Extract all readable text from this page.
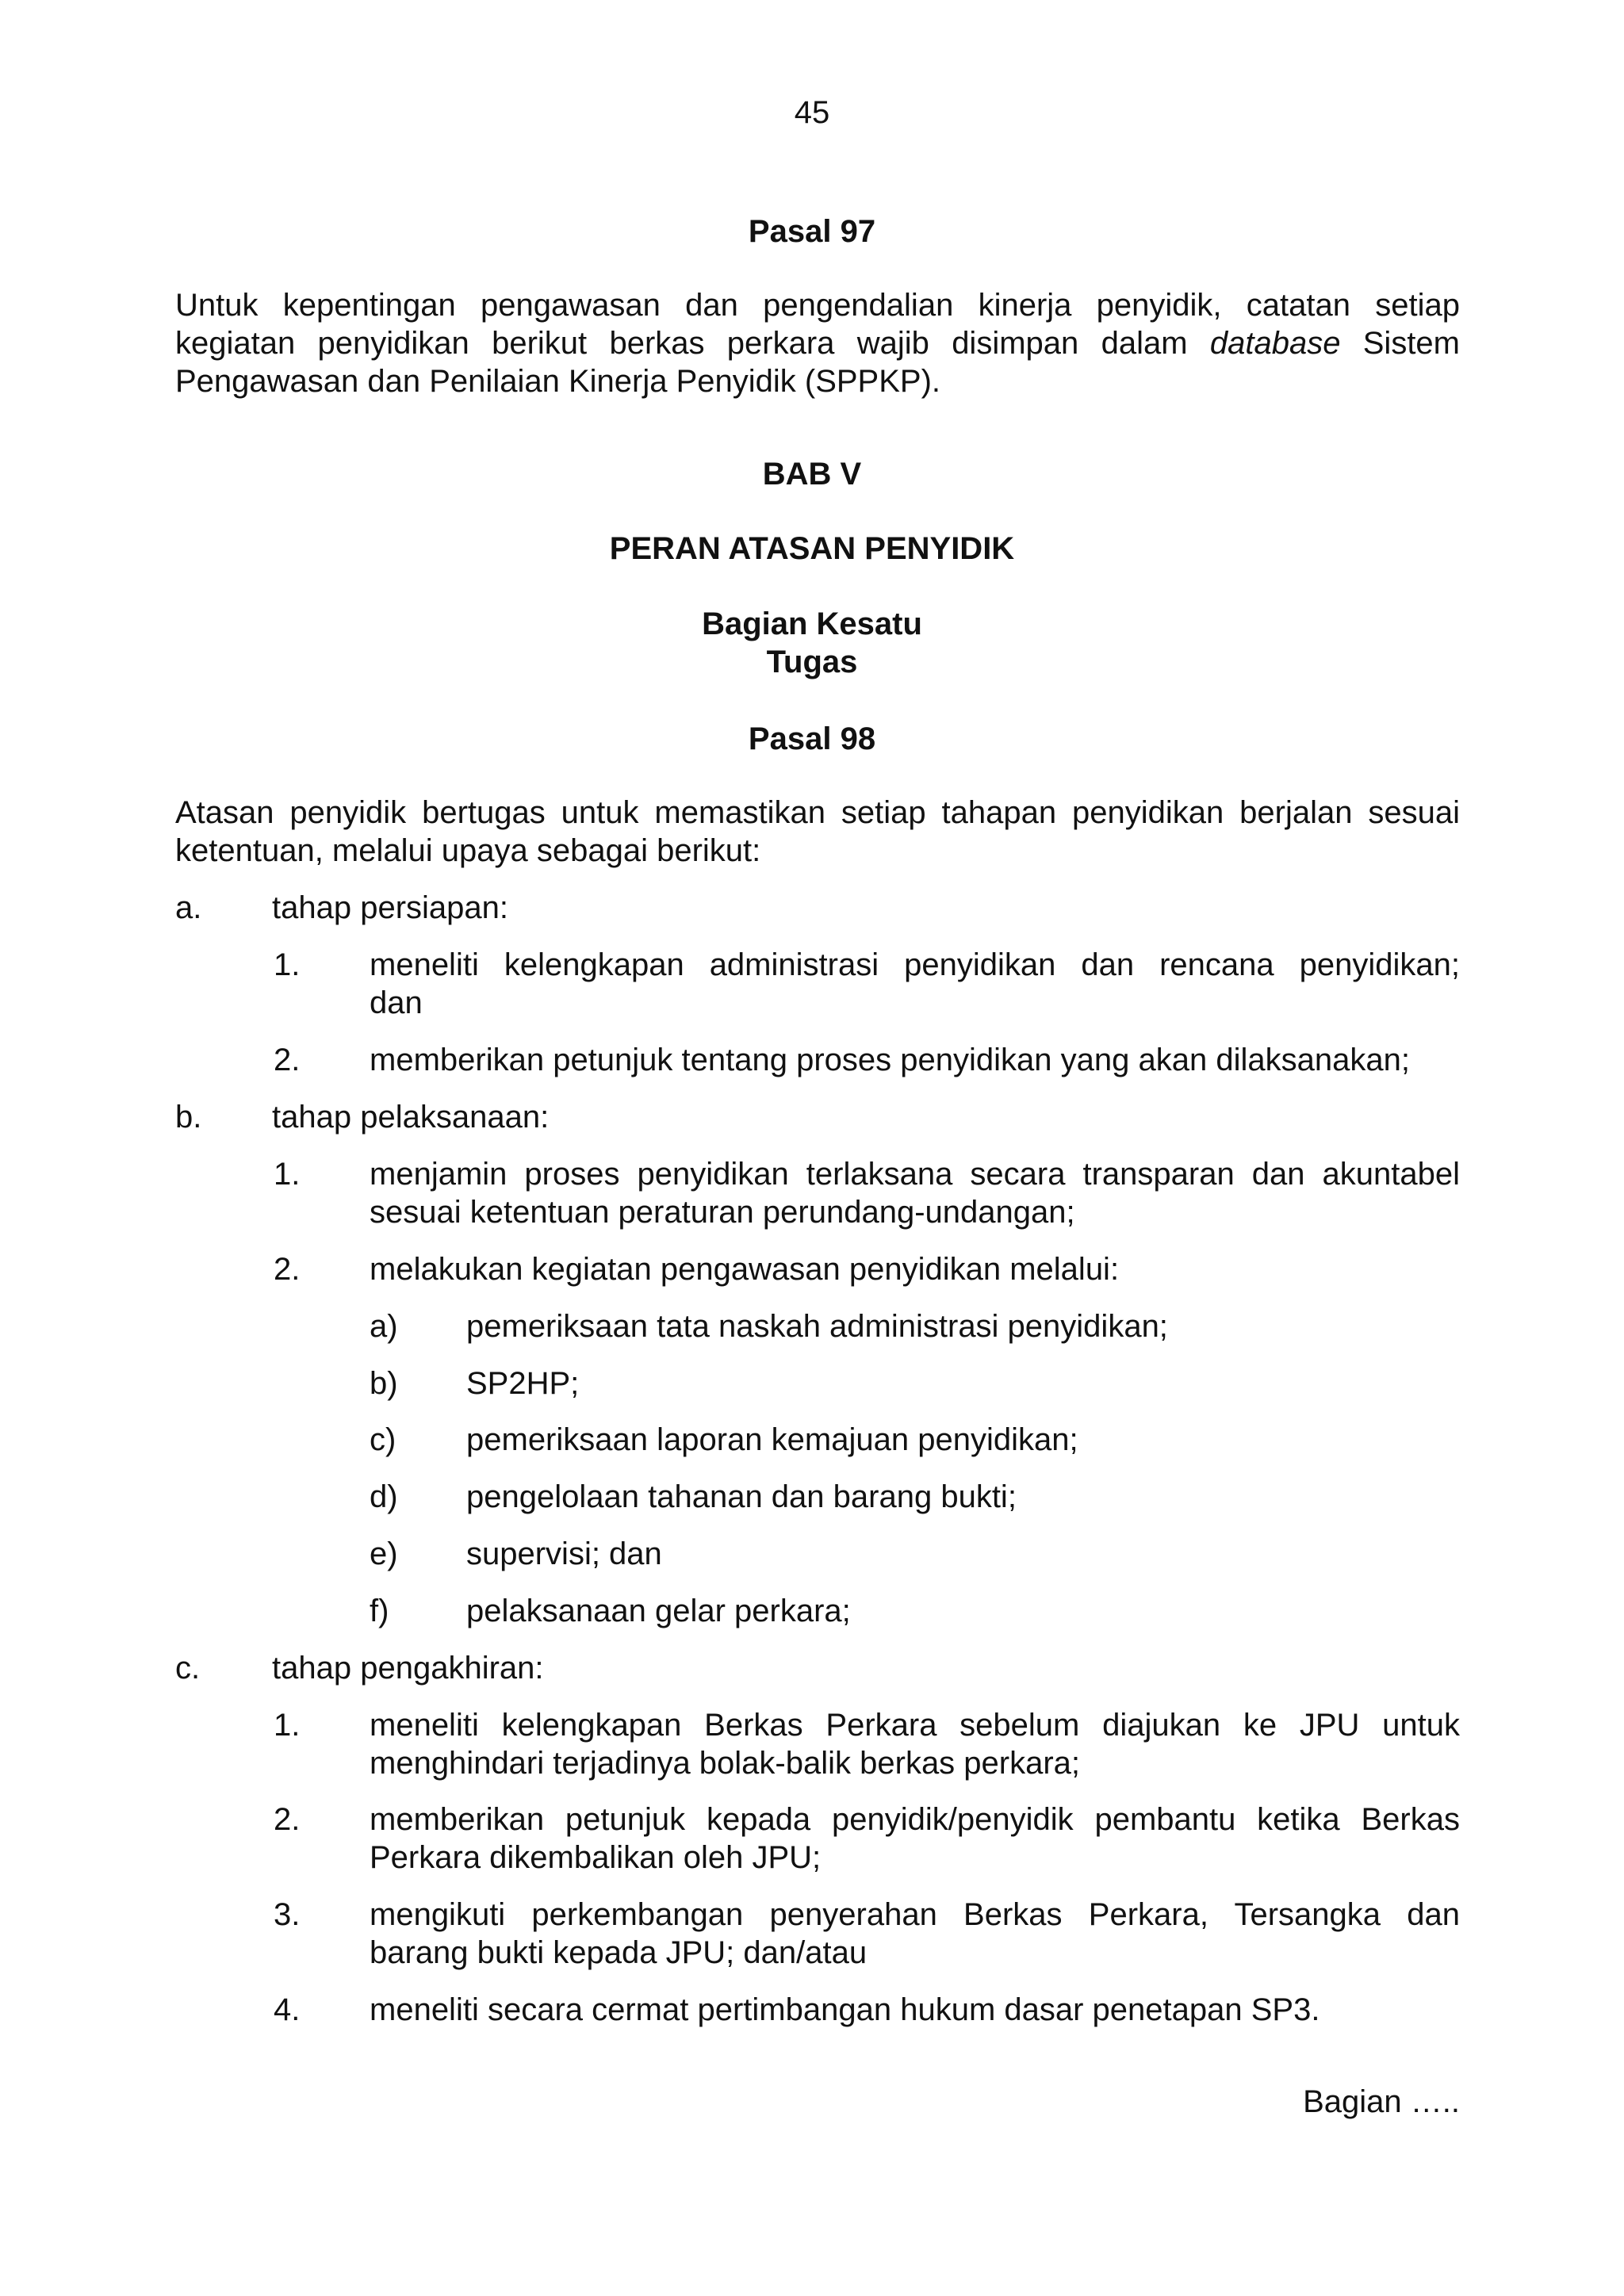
45
Pasal 97
Untuk kepentingan pengawasan dan pengendalian kinerja penyidik, catatan setiap
kegiatan penyidikan berikut berkas perkara wajib disimpan dalam database Sistem
Pengawasan dan Penilaian Kinerja Penyidik (SPPKP).
BAB V
PERAN ATASAN PENYIDIK
Bagian Kesatu
Tugas
Pasal 98
Atasan penyidik bertugas untuk memastikan setiap tahapan penyidikan berjalan sesuai
ketentuan, melalui upaya sebagai berikut:
a. tahap persiapan:
1. meneliti kelengkapan administrasi penyidikan dan rencana penyidikan;
dan
2. memberikan petunjuk tentang proses penyidikan yang akan dilaksanakan;
b. tahap pelaksanaan:
1. menjamin proses penyidikan terlaksana secara transparan dan akuntabel
sesuai ketentuan peraturan perundang-undangan;
2. melakukan kegiatan pengawasan penyidikan melalui:
a) pemeriksaan tata naskah administrasi penyidikan;
b) SP2HP;
c) pemeriksaan laporan kemajuan penyidikan;
d) pengelolaan tahanan dan barang bukti;
e) supervisi; dan
f) pelaksanaan gelar perkara;
c. tahap pengakhiran:
1. meneliti kelengkapan Berkas Perkara sebelum diajukan ke JPU untuk
menghindari terjadinya bolak-balik berkas perkara;
2. memberikan petunjuk kepada penyidik/penyidik pembantu ketika Berkas
Perkara dikembalikan oleh JPU;
3. mengikuti perkembangan penyerahan Berkas Perkara, Tersangka dan
barang bukti kepada JPU; dan/atau
4. meneliti secara cermat pertimbangan hukum dasar penetapan SP3.
Bagian …..
